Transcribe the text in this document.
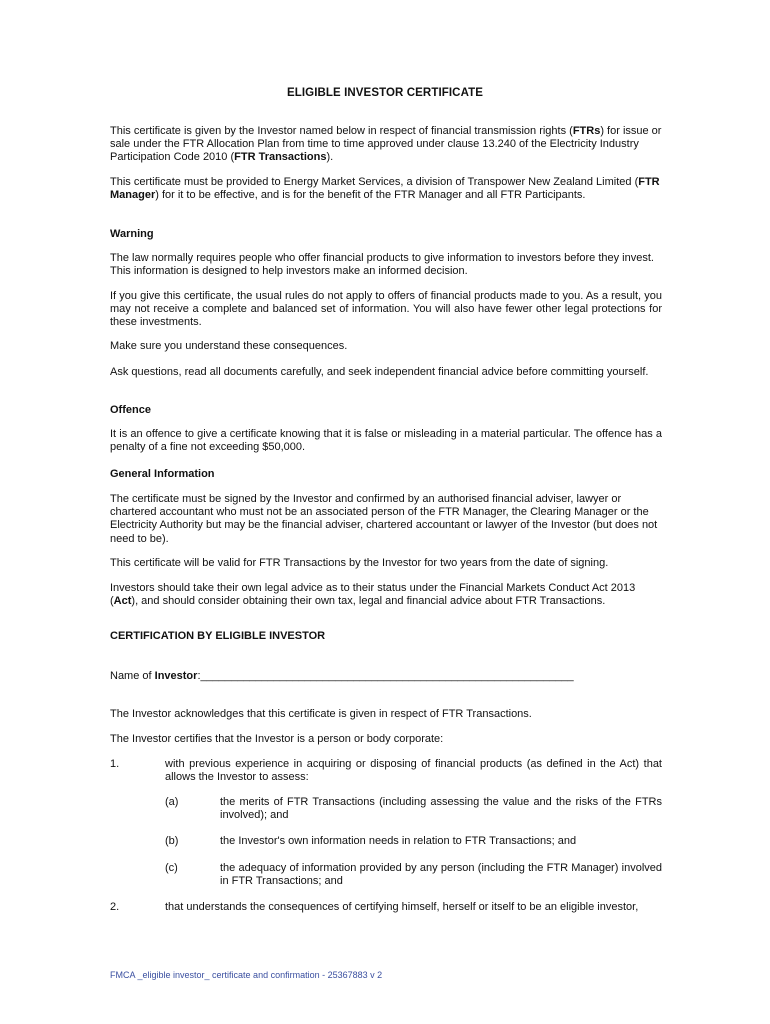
ELIGIBLE INVESTOR CERTIFICATE

This certificate is given by the Investor named below in respect of financial transmission rights (FTRs) for issue or sale under the FTR Allocation Plan from time to time approved under clause 13.240 of the Electricity Industry Participation Code 2010 (FTR Transactions).

This certificate must be provided to Energy Market Services, a division of Transpower New Zealand Limited (FTR Manager) for it to be effective, and is for the benefit of the FTR Manager and all FTR Participants.

Warning

The law normally requires people who offer financial products to give information to investors before they invest. This information is designed to help investors make an informed decision.

If you give this certificate, the usual rules do not apply to offers of financial products made to you. As a result, you may not receive a complete and balanced set of information. You will also have fewer other legal protections for these investments.

Make sure you understand these consequences.

Ask questions, read all documents carefully, and seek independent financial advice before committing yourself.

Offence

It is an offence to give a certificate knowing that it is false or misleading in a material particular. The offence has a penalty of a fine not exceeding $50,000.

General Information

The certificate must be signed by the Investor and confirmed by an authorised financial adviser, lawyer or chartered accountant who must not be an associated person of the FTR Manager, the Clearing Manager or the Electricity Authority but may be the financial adviser, chartered accountant or lawyer of the Investor (but does not need to be).

This certificate will be valid for FTR Transactions by the Investor for two years from the date of signing.

Investors should take their own legal advice as to their status under the Financial Markets Conduct Act 2013 (Act), and should consider obtaining their own tax, legal and financial advice about FTR Transactions.

CERTIFICATION BY ELIGIBLE INVESTOR

Name of Investor:_____________________________________________________________

The Investor acknowledges that this certificate is given in respect of FTR Transactions.

The Investor certifies that the Investor is a person or body corporate:

1.	with previous experience in acquiring or disposing of financial products (as defined in the Act) that allows the Investor to assess:
(a)	the merits of FTR Transactions (including assessing the value and the risks of the FTRs involved); and
(b)	the Investor's own information needs in relation to FTR Transactions; and
(c)	the adequacy of information provided by any person (including the FTR Manager) involved in FTR Transactions; and
2.	that understands the consequences of certifying himself, herself or itself to be an eligible investor,
FMCA _eligible investor_ certificate and confirmation - 25367883 v 2
